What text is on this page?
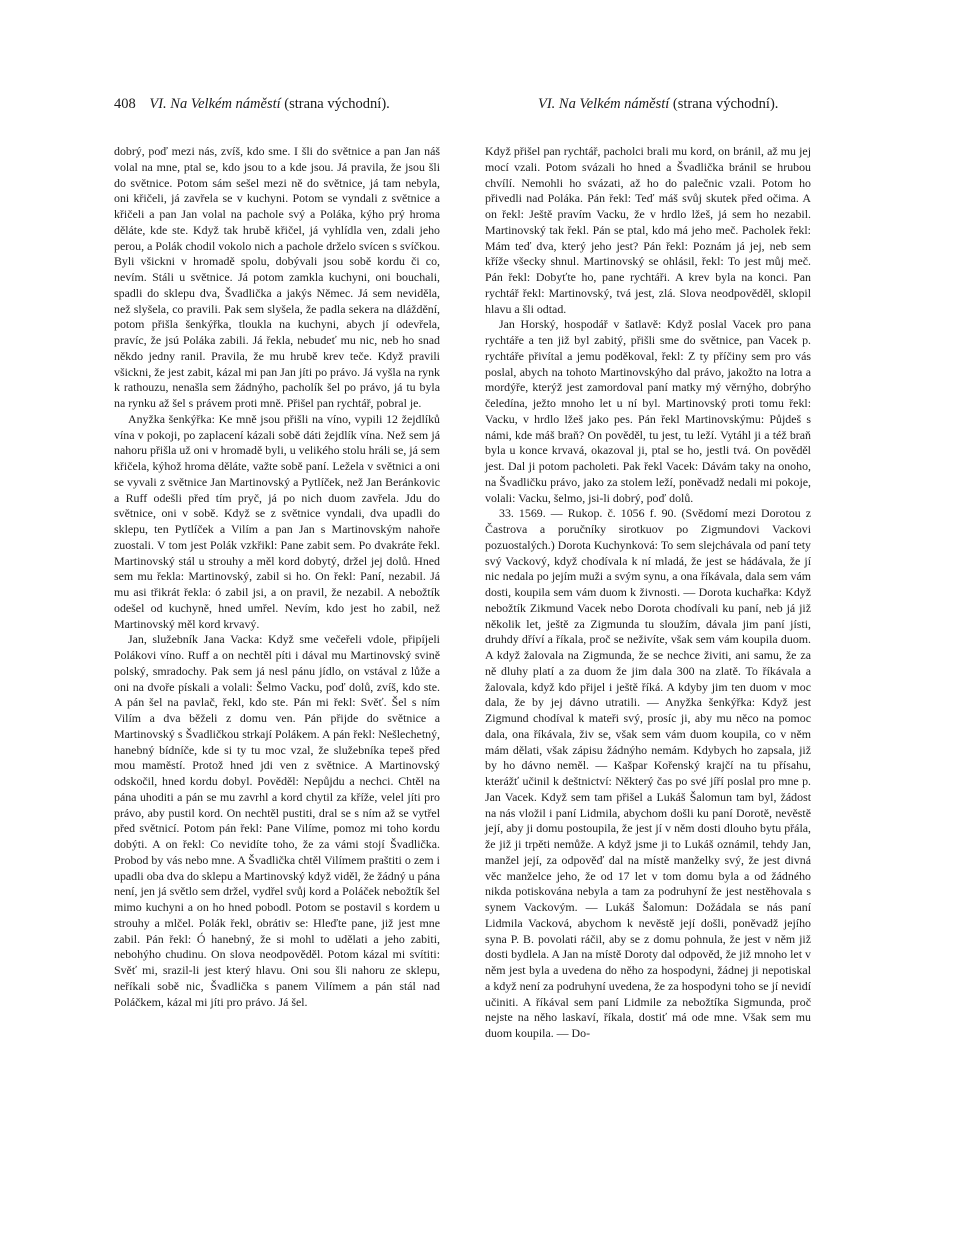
408 VI. Na Velkém náměstí (strana východní).	VI. Na Velkém náměstí (strana východní).

dobrý, poď mezi nás, zvíš, kdo sme. I šli do světnice a pan Jan náš volal na mne, ptal se, kdo jsou to a kde jsou. Já pravila, že jsou šli do světnice. Potom sám sešel mezi ně do světnice, já tam nebyla, oni křičeli, já zavřela se v kuchyni. Potom se vyndali z světnice a křičeli a pan Jan volal na pachole svý a Poláka, kýho prý hroma děláte, kde ste. Když tak hrubě křičel, já vyhlídla ven, zdali jeho perou, a Polák chodil vokolo nich a pachole drželo svícen s svíčkou. Byli všickni v hromadě spolu, dobývali jsou sobě kordu či co, nevím. Stáli u světnice. Já potom zamkla kuchyni, oni bouchali, spadli do sklepu dva, Švadlička a jakýs Němec. Já sem neviděla, než slyšela, co pravili. Pak sem slyšela, že padla sekera na dláždění, potom přišla šenkýřka, tloukla na kuchyni, abych jí odevřela, pravíc, že jsú Poláka zabili. Já řekla, nebudeť mu nic, neb ho snad někdo jedny ranil. Pravila, že mu hrubě krev teče. Když pravili všickni, že jest zabit, kázal mi pan Jan jíti po právo. Já vyšla na rynk k rathouzu, nenašla sem žádnýho, pacholík šel po právo, já tu byla na rynku až šel s právem proti mně. Přišel pan rychtář, pobral je.

Anyžka šenkýřka: Ke mně jsou přišli na víno, vypili 12 žejdlíků vína v pokoji, po zaplacení kázali sobě dáti žejdlík vína. Než sem já nahoru přišla už oni v hromadě byli, u velikého stolu hráli se, já sem křičela, kýhož hroma děláte, važte sobě paní. Ležela v světnici a oni se vyvali z světnice Jan Martinovský a Pytlíček, než Jan Beránkovic a Ruff odešli před tím pryč, já po nich duom zavřela. Jdu do světnice, oni v sobě. Když se z světnice vyndali, dva upadli do sklepu, ten Pytlíček a Vilím a pan Jan s Martinovským nahoře zuostali. V tom jest Polák vzkřikl: Pane zabit sem. Po dvakráte řekl. Martinovský stál u strouhy a měl kord dobytý, držel jej dolů. Hned sem mu řekla: Martinovský, zabil si ho. On řekl: Paní, nezabil. Já mu asi třikrát řekla: ó zabil jsi, a on pravil, že nezabil. A nebožtík odešel od kuchyně, hned umřel. Nevím, kdo jest ho zabil, než Martinovský měl kord krvavý.

Jan, služebník Jana Vacka: Když sme večeřeli vdole, připíjeli Polákovi víno. Ruff a on nechtěl píti i dával mu Martinovský svině polský, smradochy. Pak sem já nesl pánu jídlo, on vstával z lůže a oni na dvoře pískali a volali: Šelmo Vacku, poď dolů, zvíš, kdo ste. A pán šel na pavlač, řekl, kdo ste. Pán mi řekl: Svěť. Šel s ním Vilím a dva běželi z domu ven. Pán přijde do světnice a Martinovský s Švadličkou strkají Polákem. A pán řekl: Nešlechetný, hanebný bídníče, kde si ty tu moc vzal, že služebníka tepeš před mou maměstí. Protož hned jdi ven z světnice. A Martinovský odskočil, hned kordu dobyl. Pověděl: Nepůjdu a nechci. Chtěl na pána uhoditi a pán se mu zavrhl a kord chytil za kříže, velel jíti pro právo, aby pustil kord. On nechtěl pustiti, dral se s ním až se vytřel před světnicí. Potom pán řekl: Pane Vilíme, pomoz mi toho kordu dobýti. A on řekl: Co nevidíte toho, že za vámi stojí Švadlička. Probod by vás nebo mne. A Švadlička chtěl Vilímem praštiti o zem i upadli oba dva do sklepu a Martinovský když viděl, že žádný u pána není, jen já světlo sem držel, vydřel svůj kord a Poláček nebožtík šel mimo kuchyni a on ho hned pobodl. Potom se postavil s kordem u strouhy a mlčel. Polák řekl, obrátiv se: Hleďte pane, již jest mne zabil. Pán řekl: Ó hanebný, že si mohl to udělati a jeho zabiti, nebohýho chudinu. On slova neodpověděl. Potom kázal mi svítiti: Svěť mi, srazil-li jest který hlavu. Oni sou šli nahoru ze sklepu, neříkali sobě nic, Švadlička s panem Vilímem a pán stál nad Poláčkem, kázal mi jíti pro právo. Já šel.

Když přišel pan rychtář, pacholci brali mu kord, on bránil, až mu jej mocí vzali. Potom svázali ho hned a Švadlička bránil se hrubou chvílí. Nemohli ho svázati, až ho do palečnic vzali. Potom ho přivedli nad Poláka. Pán řekl: Teď máš svůj skutek před očima. A on řekl: Ještě pravím Vacku, že v hrdlo lžeš, já sem ho nezabil. Martinovský tak řekl. Pán se ptal, kdo má jeho meč. Pacholek řekl: Mám teď dva, který jeho jest? Pán řekl: Poznám já jej, neb sem kříže všecky shnul. Martinovský se ohlásil, řekl: To jest můj meč. Pán řekl: Dobyťte ho, pane rychtáři. A krev byla na konci. Pan rychtář řekl: Martinovský, tvá jest, zlá. Slova neodpověděl, sklopil hlavu a šli odtad.

Jan Horský, hospodář v šatlavě: Když poslal Vacek pro pana rychtáře a ten již byl zabitý, přišli sme do světnice, pan Vacek p. rychtáře přivítal a jemu poděkoval, řekl: Z ty příčiny sem pro vás poslal, abych na tohoto Martinovskýho dal právo, jakožto na lotra a mordýře, kterýž jest zamordoval paní matky mý věrnýho, dobrýho čeledína, ježto mnoho let u ní byl. Martinovský proti tomu řekl: Vacku, v hrdlo lžeš jako pes. Pán řekl Martinovskýmu: Půjdeš s námi, kde máš braň? On pověděl, tu jest, tu leží. Vytáhl ji a též braň byla u konce krvavá, okazoval ji, ptal se ho, jestli tvá. On pověděl jest. Dal ji potom pacholeti. Pak řekl Vacek: Dávám taky na onoho, na Švadličku právo, jako za stolem leží, poněvadž nedali mi pokoje, volali: Vacku, šelmo, jsi-li dobrý, poď dolů.

33. 1569. — Rukop. č. 1056 f. 90. (Svědomí mezi Dorotou z Častrova a poručníky sirotkuov po Zigmundovi Vackovi pozuostalých.) Dorota Kuchynková: To sem slejchávala od paní tety svý Vackový, když chodívala k ní mladá, že jest se hádávala, že jí nic nedala po jejím muži a svým synu, a ona říkávala, dala sem vám dosti, koupila sem vám duom k živnosti. — Dorota kuchařka: Když nebožtík Zikmund Vacek nebo Dorota chodívali ku paní, neb já již několik let, ještě za Zigmunda tu sloužím, dávala jim paní jísti, druhdy dříví a říkala, proč se neživíte, však sem vám koupila duom. A když žalovala na Zigmunda, že se nechce živiti, ani samu, že za ně dluhy platí a za duom že jim dala 300 na zlatě. To říkávala a žalovala, když kdo přijel i ještě říká. A kdyby jim ten duom v moc dala, že by jej dávno utratili. — Anyžka šenkýřka: Když jest Zigmund chodíval k mateři svý, prosíc ji, aby mu něco na pomoc dala, ona říkávala, živ se, však sem vám duom koupila, co v něm mám dělati, však zápisu žádnýho nemám. Kdybych ho zapsala, již by ho dávno neměl. — Kašpar Kořenský krajčí na tu přísahu, kterážť učinil k deštnictví: Některý čas po své jíří poslal pro mne p. Jan Vacek. Když sem tam přišel a Lukáš Šalomun tam byl, žádost na nás vložil i paní Lidmila, abychom došli ku paní Dorotě, nevěstě její, aby ji domu postoupila, že jest jí v něm dosti dlouho bytu přála, že již ji trpěti nemůže. A když jsme ji to Lukáš oznámil, tehdy Jan, manžel její, za odpověď dal na místě manželky svý, že jest divná věc manželce jeho, že od 17 let v tom domu byla a od žádného nikda potiskována nebyla a tam za podruhyní že jest nestěhovala s synem Vackovým. — Lukáš Šalomun: Dožádala se nás paní Lidmila Vacková, abychom k nevěstě její došli, poněvadž jejího syna P. B. povolati ráčil, aby se z domu pohnula, že jest v něm již dosti bydlela. A Jan na místě Doroty dal odpověd, že již mnoho let v něm jest byla a uvedena do něho za hospodyni, žádnej ji nepotiskal a když není za podruhyní uvedena, že za hospodyni toho se jí nevidí učiniti. A říkával sem paní Lidmile za nebožtíka Sigmunda, proč nejste na něho laskaví, říkala, dostiť má ode mne. Však sem mu duom koupila. — Do-
